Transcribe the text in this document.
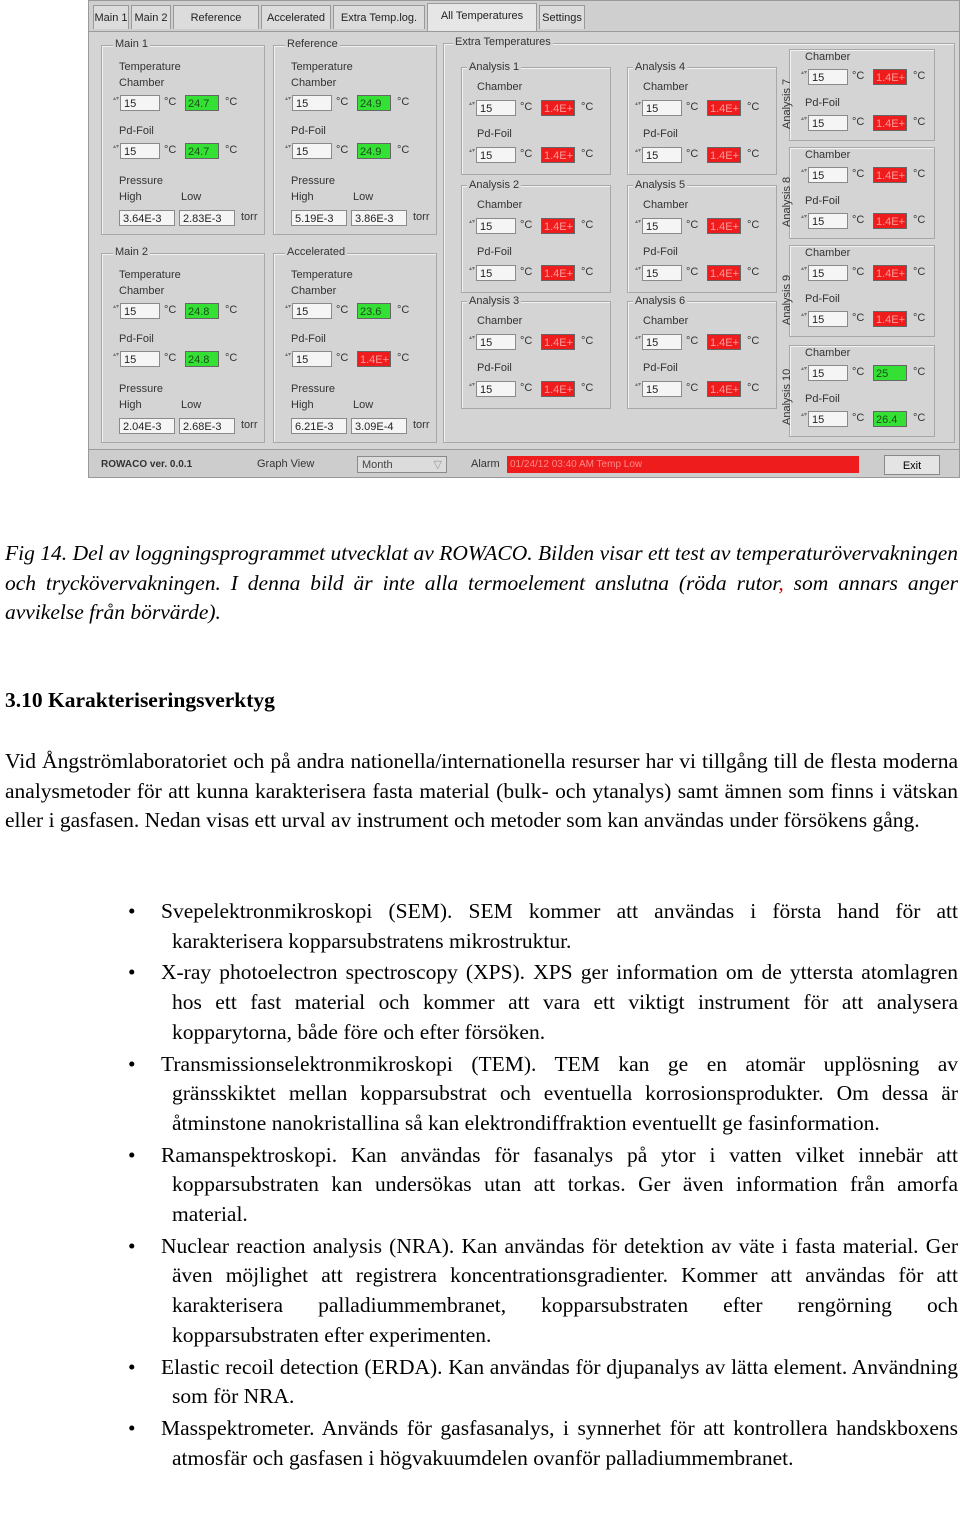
Main 1 Main 2	Reference	Accelerated	Extra Temp.log.	All Temperatures	Settings
Main 1
Temperature
Chamber
▴▾ 15	°C 24.7	°C
Pd-Foil
▴▾ 15	°C 24.7	°C
Pressure
High	Low
3.64E-3	2.83E-3	torr
Reference
Temperature
Chamber
▴▾ 15	°C 24.9	°C
Pd-Foil
▴▾ 15	°C 24.9	°C
Pressure
High	Low
5.19E-3	3.86E-3	torr
Main 2
Temperature
Chamber
▴▾ 15	°C 24.8	°C
Pd-Foil
▴▾ 15	°C 24.8	°C
Pressure
High	Low
2.04E-3	2.68E-3	torr
Accelerated
Temperature
Chamber
▴▾ 15	°C 23.6	°C
Pd-Foil
▴▾ 15	°C 1.4E+ °C
Pressure
High	Low
6.21E-3	3.09E-4	torr
Extra Temperatures
Analysis 1
Chamber
▴▾ 15	°C 1.4E+ °C
Pd-Foil
▴▾ 15	°C 1.4E+ °C
Analysis 2
Chamber
▴▾ 15	°C 1.4E+ °C
Pd-Foil
▴▾ 15	°C 1.4E+ °C
Analysis 3
Chamber
▴▾ 15	°C 1.4E+ °C
Pd-Foil
▴▾ 15	°C 1.4E+ °C
Analysis 4
Chamber
▴▾ 15	°C 1.4E+ °C
Pd-Foil
▴▾ 15	°C 1.4E+ °C
Analysis 5
Chamber
▴▾ 15	°C 1.4E+ °C
Pd-Foil
▴▾ 15	°C 1.4E+ °C
Analysis 6
Chamber
▴▾ 15	°C 1.4E+ °C
Pd-Foil
▴▾ 15	°C 1.4E+ °C
Analysis 7
Chamber
▴▾ 15	°C 1.4E+ °C
Pd-Foil
▴▾ 15	°C 1.4E+ °C
Analysis 8
Chamber
▴▾ 15	°C 1.4E+ °C
Pd-Foil
▴▾ 15	°C 1.4E+ °C
Analysis 9
Chamber
▴▾ 15	°C 1.4E+ °C
Pd-Foil
▴▾ 15	°C 1.4E+ °C
Analysis 10
Chamber
▴▾ 15	°C 25	°C
Pd-Foil
▴▾ 15	°C 26.4	°C
ROWACO ver. 0.0.1	Graph View	Month	▽	Alarm	01/24/12 03:40 AM Temp Low	Exit

Fig 14. Del av loggningsprogrammet utvecklat av ROWACO. Bilden visar ett test av temperaturövervakningen och tryckövervakningen. I denna bild är inte alla termoelement anslutna (röda rutor, som annars anger avvikelse från börvärde).

3.10 Karakteriseringsverktyg

Vid Ångströmlaboratoriet och på andra nationella/internationella resurser har vi tillgång till de flesta moderna analysmetoder för att kunna karakterisera fasta material (bulk- och ytanalys) samt ämnen som finns i vätskan eller i gasfasen. Nedan visas ett urval av instrument och metoder som kan användas under försökens gång.

• Svepelektronmikroskopi (SEM). SEM kommer att användas i första hand för att karakterisera kopparsubstratens mikrostruktur.
• X-ray photoelectron spectroscopy (XPS). XPS ger information om de yttersta atomlagren hos ett fast material och kommer att vara ett viktigt instrument för att analysera kopparytorna, både före och efter försöken.
• Transmissionselektronmikroskopi (TEM). TEM kan ge en atomär upplösning av gränsskiktet mellan kopparsubstrat och eventuella korrosionsprodukter. Om dessa är åtminstone nanokristallina så kan elektrondiffraktion eventuellt ge fasinformation.
• Ramanspektroskopi. Kan användas för fasanalys på ytor i vatten vilket innebär att kopparsubstraten kan undersökas utan att torkas. Ger även information från amorfa material.
• Nuclear reaction analysis (NRA). Kan användas för detektion av väte i fasta material. Ger även möjlighet att registrera koncentrationsgradienter. Kommer att användas för att karakterisera palladiummembranet, kopparsubstraten efter rengörning och kopparsubstraten efter experimenten.
• Elastic recoil detection (ERDA). Kan användas för djupanalys av lätta element. Användning som för NRA.
• Masspektrometer. Används för gasfasanalys, i synnerhet för att kontrollera handskboxens atmosfär och gasfasen i högvakuumdelen ovanför palladiummembranet.
